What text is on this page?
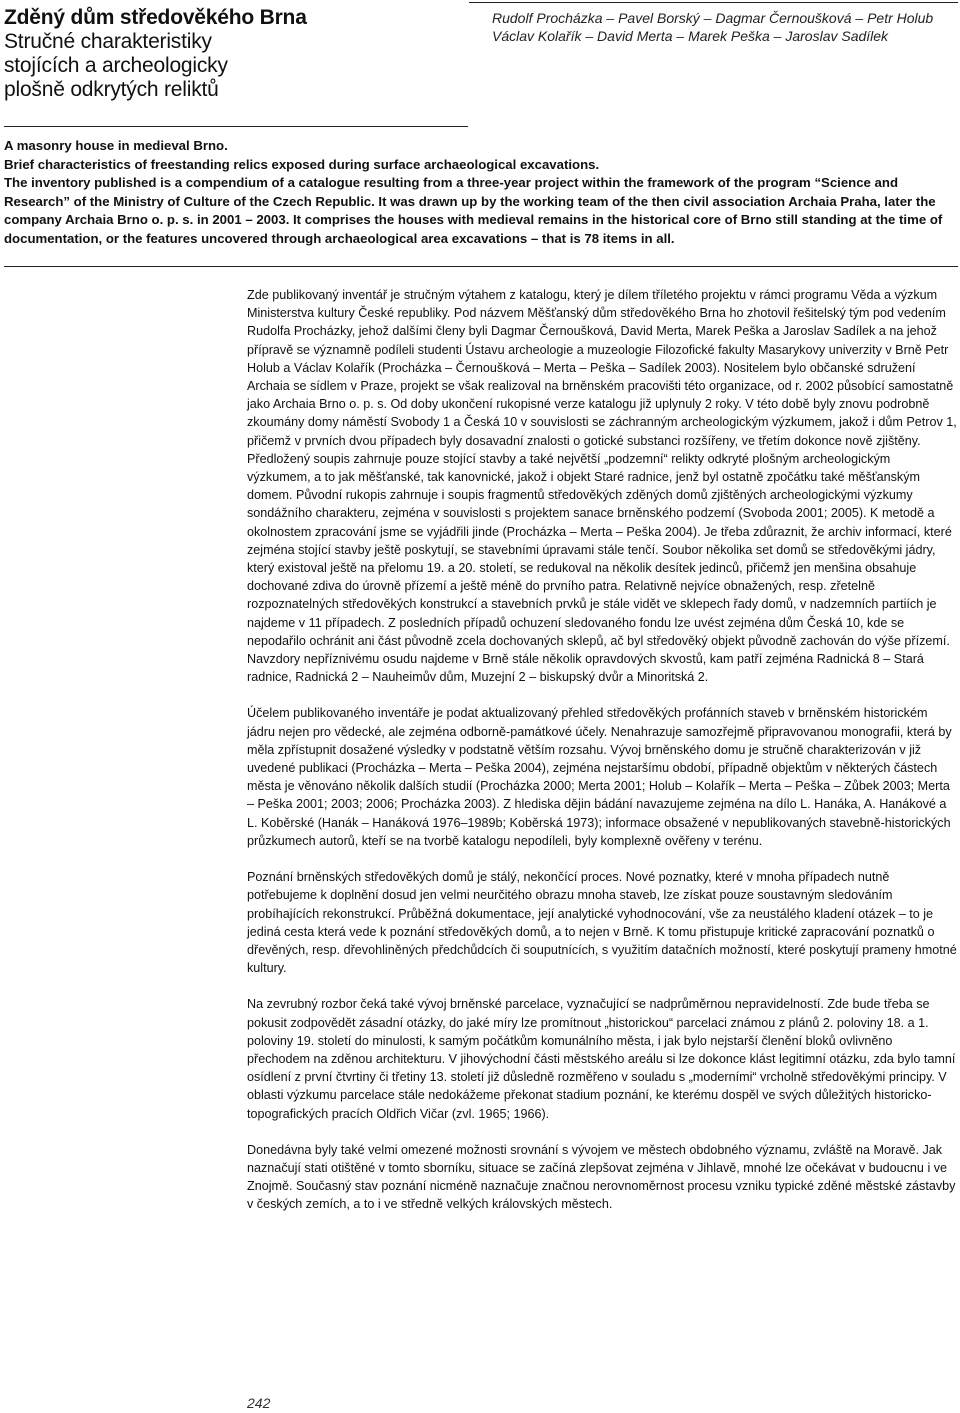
Zděný dům středověkého Brna
Stručné charakteristiky
stojících a archeologicky
plošně odkrytých reliktů
Rudolf Procházka – Pavel Borský – Dagmar Černoušková – Petr Holub
Václav Kolařík – David Merta – Marek Peška – Jaroslav Sadílek

A masonry house in medieval Brno.

Brief characteristics of freestanding relics exposed during surface archaeological excavations.

The inventory published is a compendium of a catalogue resulting from a three-year project within the framework of the program “Science and Research” of the Ministry of Culture of the Czech Republic. It was drawn up by the working team of the then civil association Archaia Praha, later the company Archaia Brno o. p. s. in 2001 – 2003. It comprises the houses with medieval remains in the historical core of Brno still standing at the time of documentation, or the features uncovered through archaeological area excavations – that is 78 items in all.

Zde publikovaný inventář je stručným výtahem z katalogu, který je dílem tříletého projektu v rámci programu Věda a výzkum Ministerstva kultury České republiky. Pod názvem Měšťanský dům středověkého Brna ho zhotovil řešitelský tým pod vedením Rudolfa Procházky, jehož dalšími členy byli Dagmar Černoušková, David Merta, Marek Peška a Jaroslav Sadílek a na jehož přípravě se významně podíleli studenti Ústavu archeologie a muzeologie Filozofické fakulty Masarykovy univerzity v Brně Petr Holub a Václav Kolařík (Procházka – Černoušková – Merta – Peška – Sadílek 2003). Nositelem bylo občanské sdružení Archaia se sídlem v Praze, projekt se však realizoval na brněnském pracovišti této organizace, od r. 2002 působící samostatně jako Archaia Brno o. p. s. Od doby ukončení rukopisné verze katalogu již uplynuly 2 roky. V této době byly znovu podrobně zkoumány domy náměstí Svobody 1 a Česká 10 v souvislosti se záchranným archeologickým výzkumem, jakož i dům Petrov 1, přičemž v prvních dvou případech byly dosavadní znalosti o gotické substanci rozšířeny, ve třetím dokonce nově zjištěny. Předložený soupis zahrnuje pouze stojící stavby a také největší „podzemní“ relikty odkryté plošným archeologickým výzkumem, a to jak měšťanské, tak kanovnické, jakož i objekt Staré radnice, jenž byl ostatně zpočátku také měšťanským domem. Původní rukopis zahrnuje i soupis fragmentů středověkých zděných domů zjištěných archeologickými výzkumy sondážního charakteru, zejména v souvislosti s projektem sanace brněnského podzemí (Svoboda 2001; 2005). K metodě a okolnostem zpracování jsme se vyjádřili jinde (Procházka – Merta – Peška 2004). Je třeba zdůraznit, že archiv informací, které zejména stojící stavby ještě poskytují, se stavebními úpravami stále tenčí. Soubor několika set domů se středověkými jádry, který existoval ještě na přelomu 19. a 20. století, se redukoval na několik desítek jedinců, přičemž jen menšina obsahuje dochované zdiva do úrovně přízemí a ještě méně do prvního patra. Relativně nejvíce obnažených, resp. zřetelně rozpoznatelných středověkých konstrukcí a stavebních prvků je stále vidět ve sklepech řady domů, v nadzemních partiích je najdeme v 11 případech. Z posledních případů ochuzení sledovaného fondu lze uvést zejména dům Česká 10, kde se nepodařilo ochránit ani část původně zcela dochovaných sklepů, ač byl středověký objekt původně zachován do výše přízemí. Navzdory nepříznivému osudu najdeme v Brně stále několik opravdových skvostů, kam patří zejména Radnická 8 – Stará radnice, Radnická 2 – Nauheimův dům, Muzejní 2 – biskupský dvůr a Minoritská 2.

Účelem publikovaného inventáře je podat aktualizovaný přehled středověkých profánních staveb v brněnském historickém jádru nejen pro vědecké, ale zejména odborně-památkové účely. Nenahrazuje samozřejmě připravovanou monografii, která by měla zpřístupnit dosažené výsledky v podstatně větším rozsahu. Vývoj brněnského domu je stručně charakterizován v již uvedené publikaci (Procházka – Merta – Peška 2004), zejména nejstaršímu období, případně objektům v některých částech města je věnováno několik dalších studií (Procházka 2000; Merta 2001; Holub – Kolařík – Merta – Peška – Zůbek 2003; Merta – Peška 2001; 2003; 2006; Procházka 2003). Z hlediska dějin bádání navazujeme zejména na dílo L. Hanáka, A. Hanákové a L. Koběrské (Hanák – Hanáková 1976–1989b; Koběrská 1973); informace obsažené v nepublikovaných stavebně-historických průzkumech autorů, kteří se na tvorbě katalogu nepodíleli, byly komplexně ověřeny v terénu.

Poznání brněnských středověkých domů je stálý, nekončící proces. Nové poznatky, které v mnoha případech nutně potřebujeme k doplnění dosud jen velmi neurčitého obrazu mnoha staveb, lze získat pouze soustavným sledováním probíhajících rekonstrukcí. Průběžná dokumentace, její analytické vyhodnocování, vše za neustálého kladení otázek – to je jediná cesta která vede k poznání středověkých domů, a to nejen v Brně. K tomu přistupuje kritické zapracování poznatků o dřevěných, resp. dřevohliněných předchůdcích či souputnících, s využitím datačních možností, které poskytují prameny hmotné kultury.

Na zevrubný rozbor čeká také vývoj brněnské parcelace, vyznačující se nadprůměrnou nepravidelností. Zde bude třeba se pokusit zodpovědět zásadní otázky, do jaké míry lze promítnout „historickou“ parcelaci známou z plánů 2. poloviny 18. a 1. poloviny 19. století do minulosti, k samým počátkům komunálního města, i jak bylo nejstarší členění bloků ovlivněno přechodem na zděnou architekturu. V jihovýchodní části městského areálu si lze dokonce klást legitimní otázku, zda bylo tamní osídlení z první čtvrtiny či třetiny 13. století již důsledně rozměřeno v souladu s „moderními“ vrcholně středověkými principy. V oblasti výzkumu parcelace stále nedokážeme překonat stadium poznání, ke kterému dospěl ve svých důležitých historicko-topografických pracích Oldřich Vičar (zvl. 1965; 1966).

Donedávna byly také velmi omezené možnosti srovnání s vývojem ve městech obdobného významu, zvláště na Moravě. Jak naznačují stati otištěné v tomto sborníku, situace se začíná zlepšovat zejména v Jihlavě, mnohé lze očekávat v budoucnu i ve Znojmě. Současný stav poznání nicméně naznačuje značnou nerovnoměrnost procesu vzniku typické zděné městské zástavby v českých zemích, a to i ve středně velkých královských městech.

242
